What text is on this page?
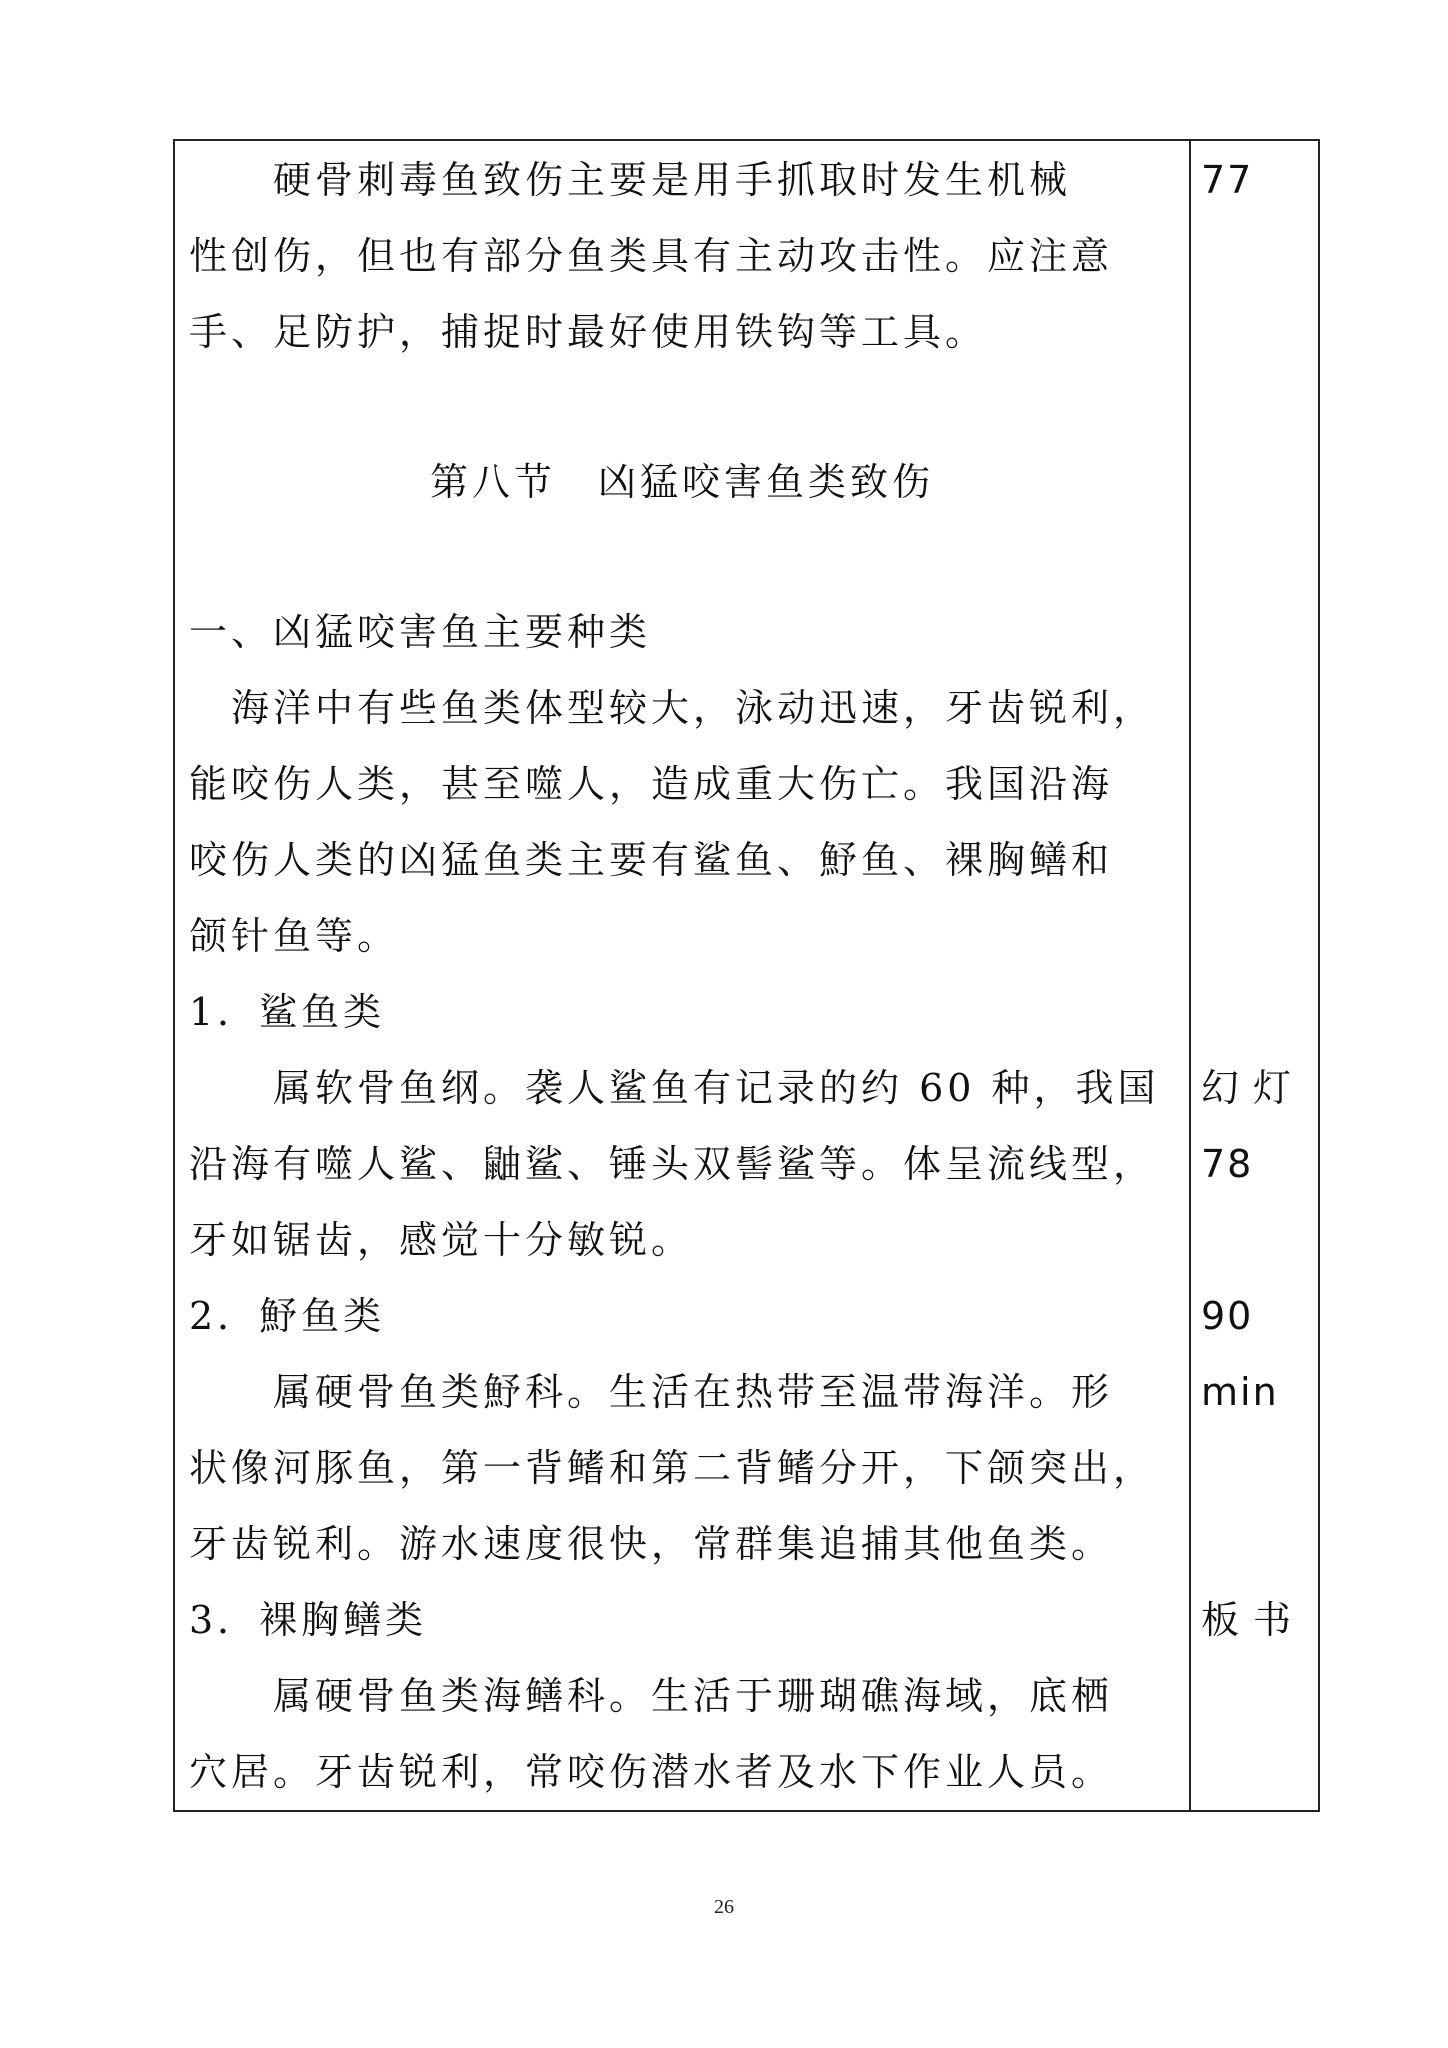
　　硬骨刺毒鱼致伤主要是用手抓取时发生机械
性创伤，但也有部分鱼类具有主动攻击性。应注意
手、足防护，捕捉时最好使用铁钩等工具。
第八节　凶猛咬害鱼类致伤
一、凶猛咬害鱼主要种类
　海洋中有些鱼类体型较大，泳动迅速，牙齿锐利，
能咬伤人类，甚至噬人，造成重大伤亡。我国沿海
咬伤人类的凶猛鱼类主要有鲨鱼、魣鱼、裸胸鳝和
颌针鱼等。
1．鲨鱼类
　　属软骨鱼纲。袭人鲨鱼有记录的约 60 种，我国
沿海有噬人鲨、鼬鲨、锤头双髻鲨等。体呈流线型，
牙如锯齿，感觉十分敏锐。
2．魣鱼类
　　属硬骨鱼类魣科。生活在热带至温带海洋。形
状像河豚鱼，第一背鳍和第二背鳍分开，下颌突出，
牙齿锐利。游水速度很快，常群集追捕其他鱼类。
3．裸胸鳝类
　　属硬骨鱼类海鳝科。生活于珊瑚礁海域，底栖
穴居。牙齿锐利，常咬伤潜水者及水下作业人员。
77
幻灯
78
90
min
板书
26
